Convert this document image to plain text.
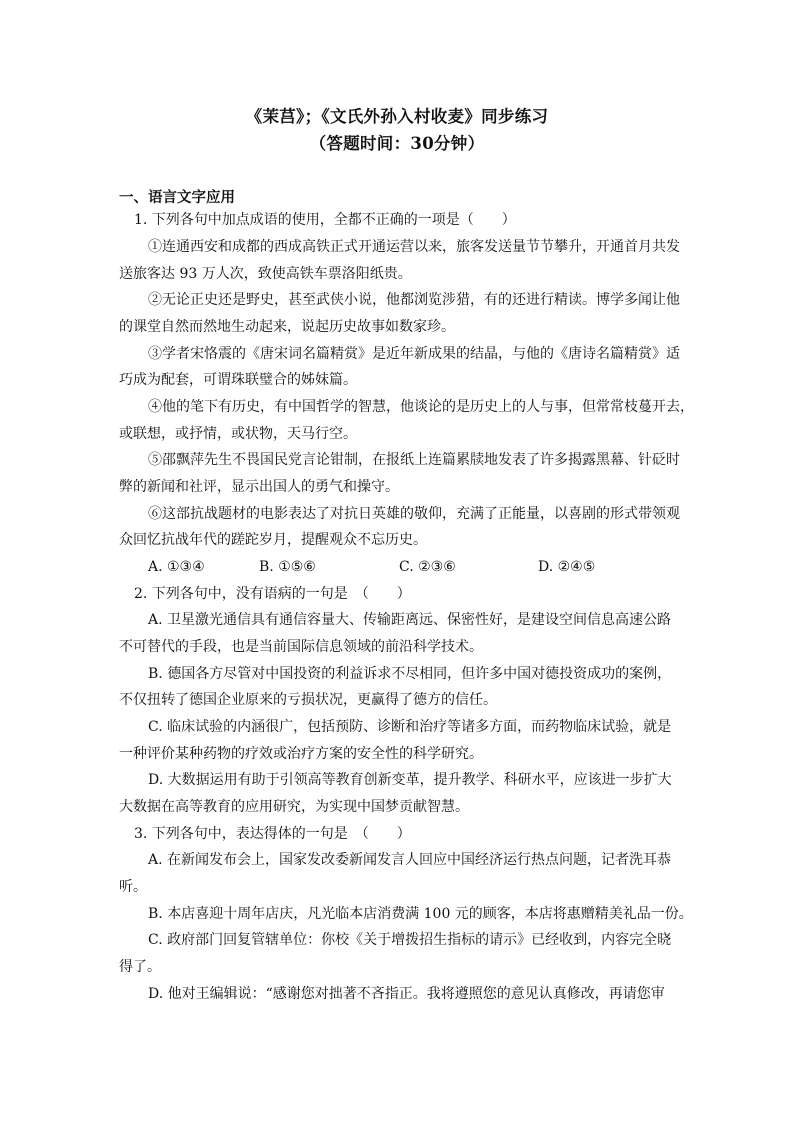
《茉莒》；《文氏外孙入村收麦》同步练习
（答题时间：30分钟）
一、语言文字应用
1. 下列各句中加点成语的使用，全都不正确的一项是（　　）
①连通西安和成都的西成高铁正式开通运营以来，旅客发送量节节攀升，开通首月共发
送旅客达 93 万人次，致使高铁车票洛阳纸贵。
②无论正史还是野史，甚至武侠小说，他都浏览涉猎，有的还进行精读。博学多闻让他
的课堂自然而然地生动起来，说起历史故事如数家珍。
③学者宋恪震的《唐宋词名篇精赏》是近年新成果的结晶，与他的《唐诗名篇精赏》适
巧成为配套，可谓珠联璧合的姊妹篇。
④他的笔下有历史，有中国哲学的智慧，他谈论的是历史上的人与事，但常常枝蔓开去，
或联想，或抒情，或状物，天马行空。
⑤邵飘萍先生不畏国民党言论钳制，在报纸上连篇累牍地发表了许多揭露黑幕、针砭时
弊的新闻和社评，显示出国人的勇气和操守。
⑥这部抗战题材的电影表达了对抗日英雄的敬仰，充满了正能量，以喜剧的形式带领观
众回忆抗战年代的蹉跎岁月，提醒观众不忘历史。
A. ①③④	B. ①⑤⑥	C. ②③⑥	D. ②④⑤
2. 下列各句中，没有语病的一句是　（　　）
A. 卫星激光通信具有通信容量大、传输距离远、保密性好，是建设空间信息高速公路
不可替代的手段，也是当前国际信息领域的前沿科学技术。
B. 德国各方尽管对中国投资的利益诉求不尽相同，但许多中国对德投资成功的案例，
不仅扭转了德国企业原来的亏损状况，更赢得了德方的信任。
C. 临床试验的内涵很广，包括预防、诊断和治疗等诸多方面，而药物临床试验，就是
一种评价某种药物的疗效或治疗方案的安全性的科学研究。
D. 大数据运用有助于引领高等教育创新变革，提升教学、科研水平，应该进一步扩大
大数据在高等教育的应用研究，为实现中国梦贡献智慧。
3. 下列各句中，表达得体的一句是　（　　）
A. 在新闻发布会上，国家发改委新闻发言人回应中国经济运行热点问题，记者洗耳恭
听。
B. 本店喜迎十周年店庆，凡光临本店消费满 100 元的顾客，本店将惠赠精美礼品一份。
C. 政府部门回复管辖单位：你校《关于增拨招生指标的请示》已经收到，内容完全晓
得了。
D. 他对王编辑说：“感谢您对拙著不吝指正。我将遵照您的意见认真修改，再请您审
